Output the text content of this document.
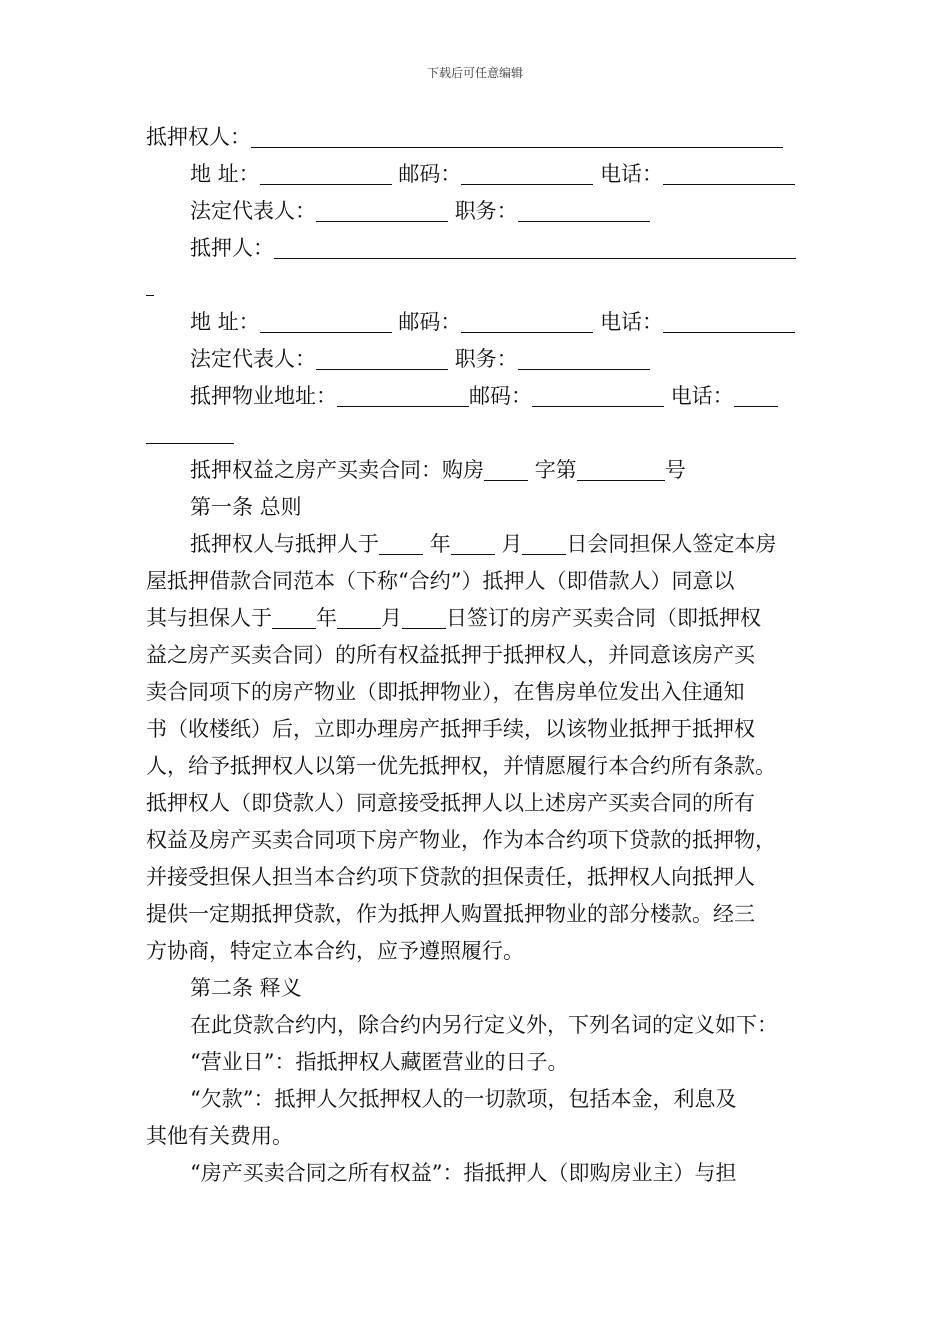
下载后可任意编辑
抵押权人：
地 址：	邮码：	电话：
法定代表人：	职务：
抵押人：
地 址：	邮码：	电话：
法定代表人：	职务：
抵押物业地址：	邮码：	电话：
抵押权益之房产买卖合同：购房 字第	号
第一条 总则
抵押权人与抵押人于 年 月 日会同担保人签定本房
屋抵押借款合同范本（下称“合约”）抵押人（即借款人）同意以
其与担保人于 年 月 日签订的房产买卖合同（即抵押权
益之房产买卖合同）的所有权益抵押于抵押权人，并同意该房产买
卖合同项下的房产物业（即抵押物业），在售房单位发出入住通知
书（收楼纸）后，立即办理房产抵押手续，以该物业抵押于抵押权
人，给予抵押权人以第一优先抵押权，并情愿履行本合约所有条款。
抵押权人（即贷款人）同意接受抵押人以上述房产买卖合同的所有
权益及房产买卖合同项下房产物业，作为本合约项下贷款的抵押物，
并接受担保人担当本合约项下贷款的担保责任，抵押权人向抵押人
提供一定期抵押贷款，作为抵押人购置抵押物业的部分楼款。经三
方协商，特定立本合约，应予遵照履行。
第二条 释义
在此贷款合约内，除合约内另行定义外，下列名词的定义如下：
“营业日”：指抵押权人藏匿营业的日子。
“欠款”：抵押人欠抵押权人的一切款项，包括本金，利息及
其他有关费用。
“房产买卖合同之所有权益”：指抵押人（即购房业主）与担
